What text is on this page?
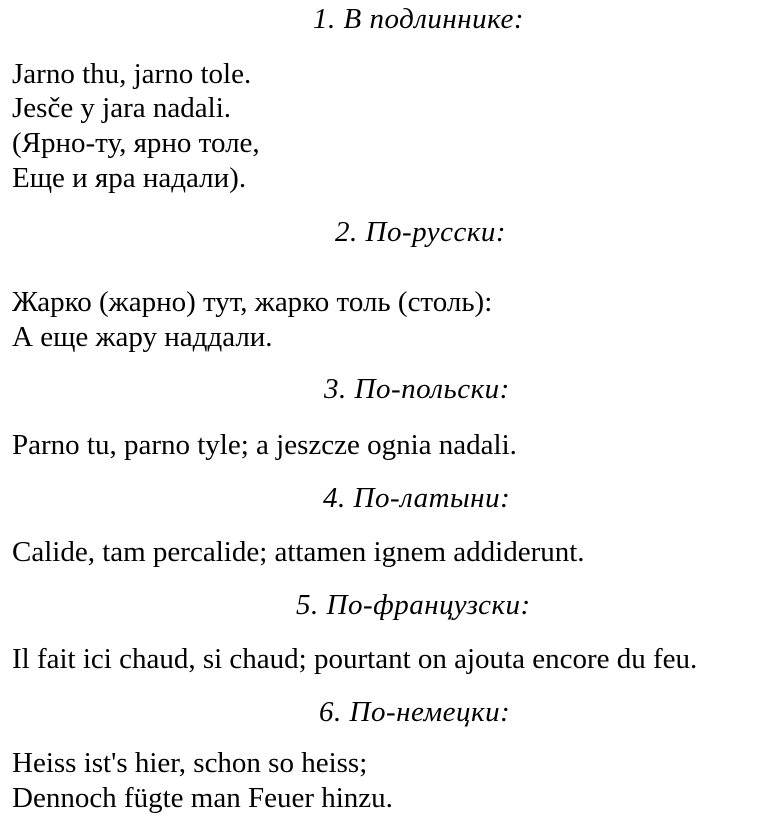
1. В подлиннике:
Jarno thu, jarno tole.
Jesče y jara nadali.
(Ярно-ту, ярно толе,
Еще и яра надали).
2. По-русски:
Жарко (жарно) тут, жарко толь (столь):
А еще жару наддали.
3. По-польски:
Parno tu, parno tyle; a jeszcze ognia nadali.
4. По-латыни:
Calide, tam percalide; attamen ignem addiderunt.
5. По-французски:
Il fait ici chaud, si chaud; pourtant on ajouta encore du feu.
6. По-немецки:
Heiss ist's hier, schon so heiss;
Dennoch fügte man Feuer hinzu.
